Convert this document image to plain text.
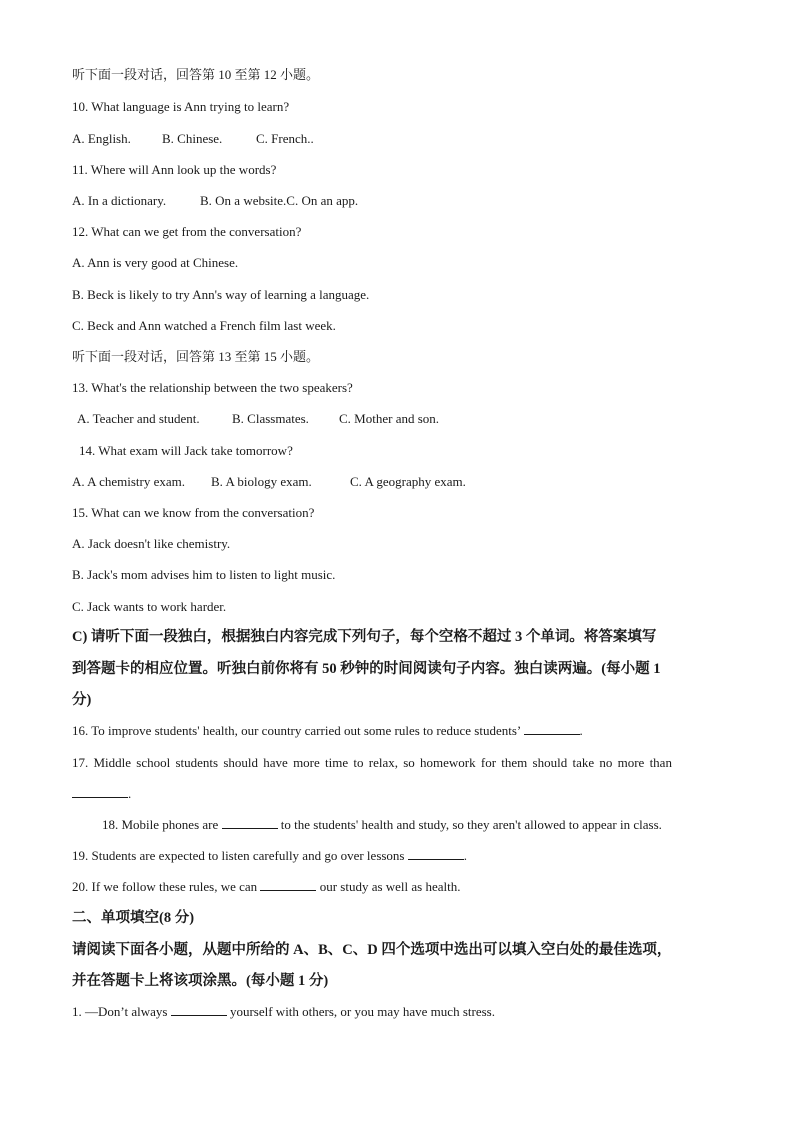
听下面一段对话，回答第 10 至第 12 小题。

10. What language is Ann trying to learn?

A. English. B. Chinese.	C. French..

11. Where will Ann look up the words?

A. In a dictionary.	B. On a website.C. On an app.

12. What can we get from the conversation?

A. Ann is very good at Chinese.

B. Beck is likely to try Ann's way of learning a language.

C. Beck and Ann watched a French film last week.

听下面一段对话，回答第 13 至第 15 小题。

13. What's the relationship between the two speakers?

A. Teacher and student. B. Classmates. C. Mother and son.

14. What exam will Jack take tomorrow?

A. A chemistry exam. B. A biology exam.	C. A geography exam.

15. What can we know from the conversation?

A. Jack doesn't like chemistry.

B. Jack's mom advises him to listen to light music.

C. Jack wants to work harder.

C) 请听下面一段独白，根据独白内容完成下列句子，每个空格不超过 3 个单词。将答案填写

到答题卡的相应位置。听独白前你将有 50 秒钟的时间阅读句子内容。独白读两遍。(每小题 1

分)

16. To improve students' health, our country carried out some rules to reduce students’	.

17. Middle school students should have more time to relax, so homework for them should take no more than

.

18. Mobile phones are	to the students' health and study, so they aren't allowed to appear in class.

19. Students are expected to listen carefully and go over lessons	.

20. If we follow these rules, we can	our study as well as health.

二、单项填空(8 分)

请阅读下面各小题，从题中所给的 A、B、C、D 四个选项中选出可以填入空白处的最佳选项，

并在答题卡上将该项涂黑。(每小题 1 分)

1. —Don’t always	yourself with others, or you may have much stress.
